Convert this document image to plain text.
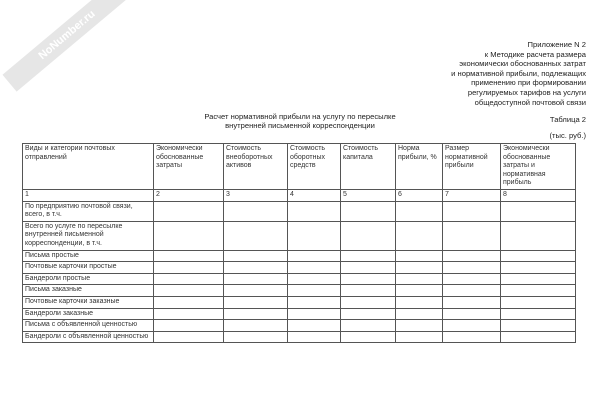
NoNumber.ru	Приложение N 2
к Методике расчета размера
экономически обоснованных затрат
и нормативной прибыли, подлежащих
применению при формировании
регулируемых тарифов на услуги
общедоступной почтовой связи
Таблица 2
Расчет нормативной прибыли на услугу по пересылке
внутренней письменной корреспонденции
(тыс. руб.)
Виды и категории почтовых отправлений	Экономически обоснованные затраты	Стоимость внеоборотных активов	Стоимость оборотных средств	Стоимость капитала	Норма прибыли, %	Размер нормативной прибыли	Экономически обоснованные затраты и нормативная прибыль
1	2	3	4	5	6	7	8
По предприятию почтовой связи, всего, в т.ч.							
Всего по услуге по пересылке внутренней письменной корреспонденции, в т.ч.							
Письма простые							
Почтовые карточки простые							
Бандероли простые							
Письма заказные							
Почтовые карточки заказные							
Бандероли заказные							
Письма с объявленной ценностью							
Бандероли с объявленной ценностью							
